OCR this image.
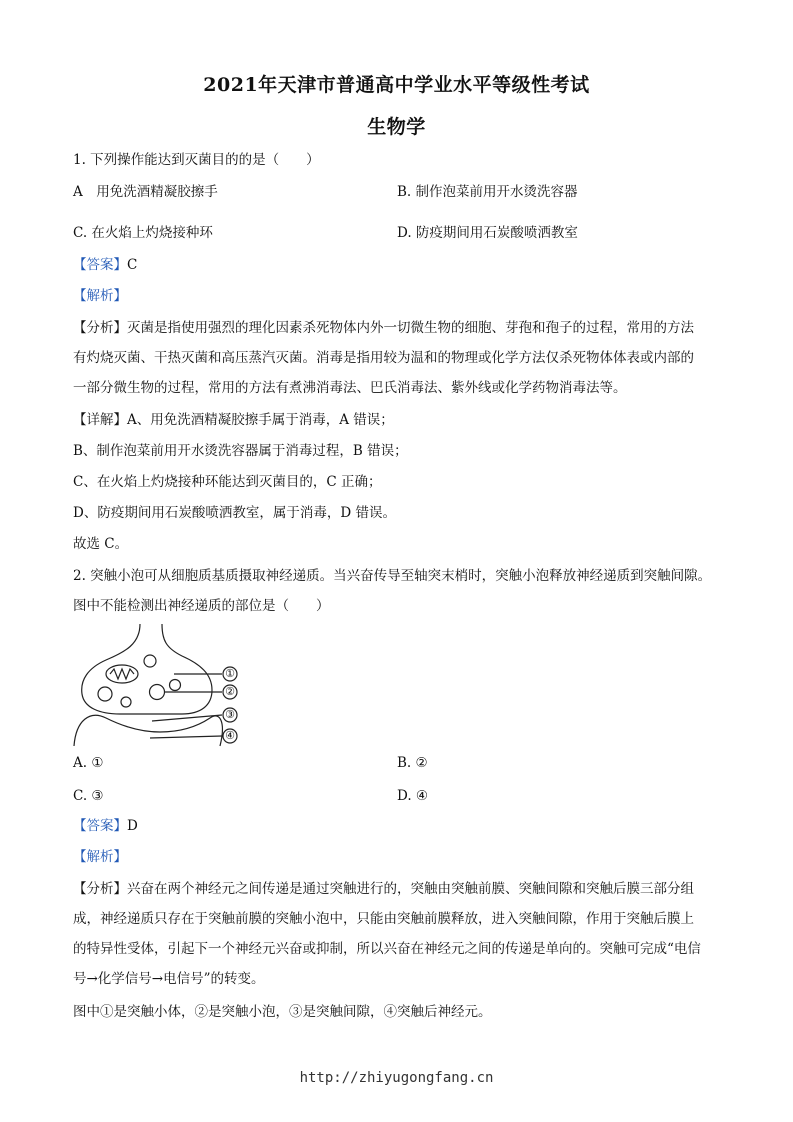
2021年天津市普通高中学业水平等级性考试
生物学
1. 下列操作能达到灭菌目的的是（　　）
A　用免洗酒精凝胶擦手	B. 制作泡菜前用开水烫洗容器
C. 在火焰上灼烧接种环	D. 防疫期间用石炭酸喷洒教室
【答案】C
【解析】
【分析】灭菌是指使用强烈的理化因素杀死物体内外一切微生物的细胞、芽孢和孢子的过程，常用的方法
有灼烧灭菌、干热灭菌和高压蒸汽灭菌。消毒是指用较为温和的物理或化学方法仅杀死物体体表或内部的
一部分微生物的过程，常用的方法有煮沸消毒法、巴氏消毒法、紫外线或化学药物消毒法等。
【详解】A、用免洗酒精凝胶擦手属于消毒，A 错误；
B、制作泡菜前用开水烫洗容器属于消毒过程，B 错误；
C、在火焰上灼烧接种环能达到灭菌目的，C 正确；
D、防疫期间用石炭酸喷洒教室，属于消毒，D 错误。
故选 C。
2. 突触小泡可从细胞质基质摄取神经递质。当兴奋传导至轴突末梢时，突触小泡释放神经递质到突触间隙。
图中不能检测出神经递质的部位是（　　）
A. ①	B. ②
C. ③	D. ④
【答案】D
【解析】
【分析】兴奋在两个神经元之间传递是通过突触进行的，突触由突触前膜、突触间隙和突触后膜三部分组
成，神经递质只存在于突触前膜的突触小泡中，只能由突触前膜释放，进入突触间隙，作用于突触后膜上
的特异性受体，引起下一个神经元兴奋或抑制，所以兴奋在神经元之间的传递是单向的。突触可完成“电信
号→化学信号→电信号”的转变。
图中①是突触小体，②是突触小泡，③是突触间隙，④突触后神经元。
http://zhiyugongfang.cn
①
②
③
④
